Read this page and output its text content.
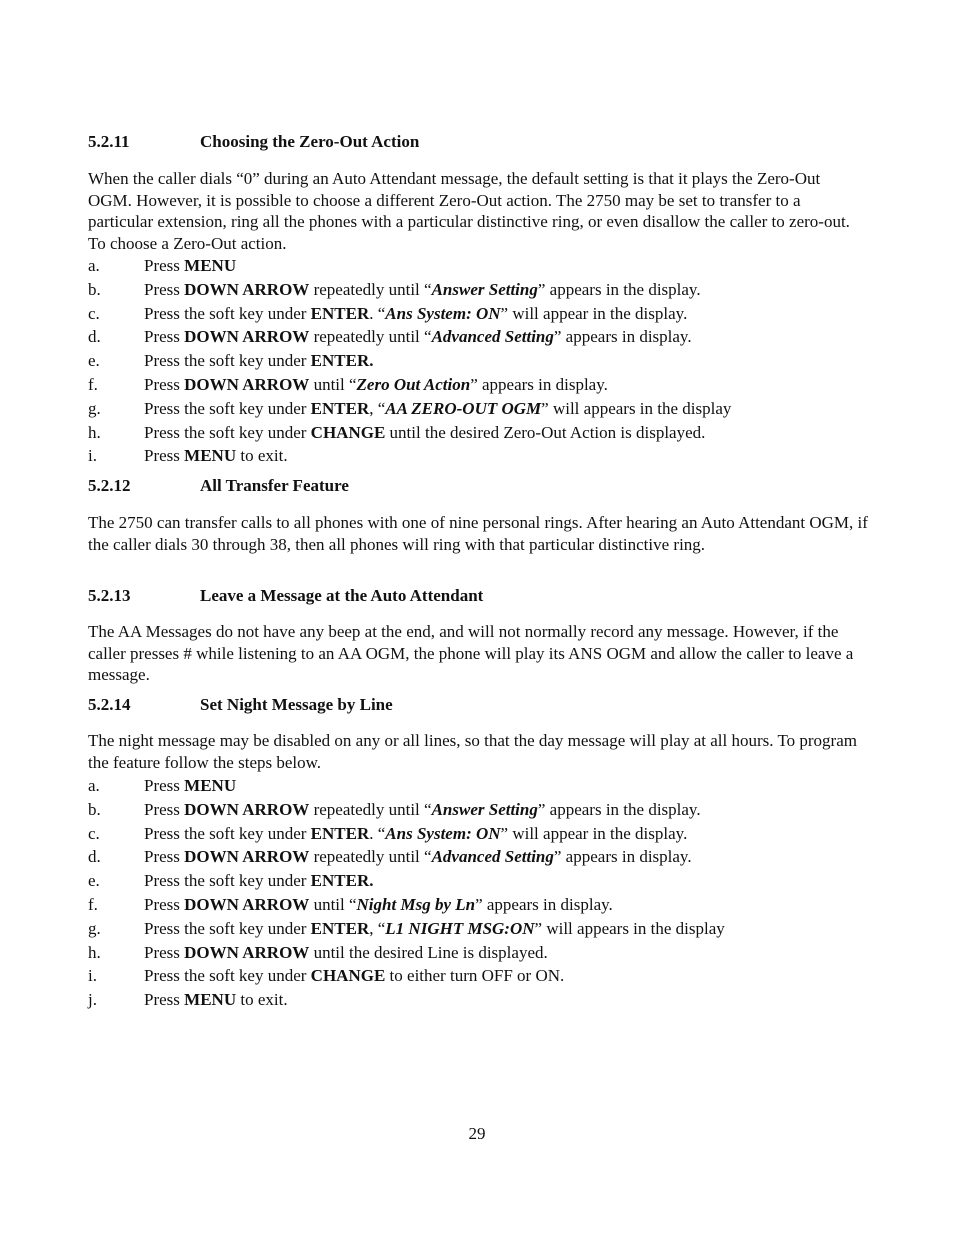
5.2.11	Choosing the Zero-Out Action
When the caller dials “0” during an Auto Attendant message, the default setting is that it plays the Zero-Out OGM. However, it is possible to choose a different Zero-Out action. The 2750 may be set to transfer to a particular extension, ring all the phones with a particular distinctive ring, or even disallow the caller to zero-out. To choose a Zero-Out action.
a.	Press MENU
b.	Press DOWN ARROW repeatedly until “Answer Setting” appears in the display.
c.	Press the soft key under ENTER. “Ans System: ON” will appear in the display.
d.	Press DOWN ARROW repeatedly until “Advanced Setting” appears in display.
e.	Press the soft key under ENTER.
f.	Press DOWN ARROW until “Zero Out Action” appears in display.
g.	Press the soft key under ENTER, “AA ZERO-OUT OGM” will appears in the display
h.	Press the soft key under CHANGE until the desired Zero-Out Action is displayed.
i.	Press MENU to exit.
5.2.12	All Transfer Feature
The 2750 can transfer calls to all phones with one of nine personal rings. After hearing an Auto Attendant OGM, if the caller dials 30 through 38, then all phones will ring with that particular distinctive ring.
5.2.13	Leave a Message at the Auto Attendant
The AA Messages do not have any beep at the end, and will not normally record any message. However, if the caller presses # while listening to an AA OGM, the phone will play its ANS OGM and allow the caller to leave a message.
5.2.14	Set Night Message by Line
The night message may be disabled on any or all lines, so that the day message will play at all hours. To program the feature follow the steps below.
a.	Press MENU
b.	Press DOWN ARROW repeatedly until “Answer Setting” appears in the display.
c.	Press the soft key under ENTER. “Ans System: ON” will appear in the display.
d.	Press DOWN ARROW repeatedly until “Advanced Setting” appears in display.
e.	Press the soft key under ENTER.
f.	Press DOWN ARROW until “Night Msg by Ln” appears in display.
g.	Press the soft key under ENTER, “L1 NIGHT MSG:ON” will appears in the display
h.	Press DOWN ARROW until the desired Line is displayed.
i.	Press the soft key under CHANGE to either turn OFF or ON.
j.	Press MENU to exit.
29
